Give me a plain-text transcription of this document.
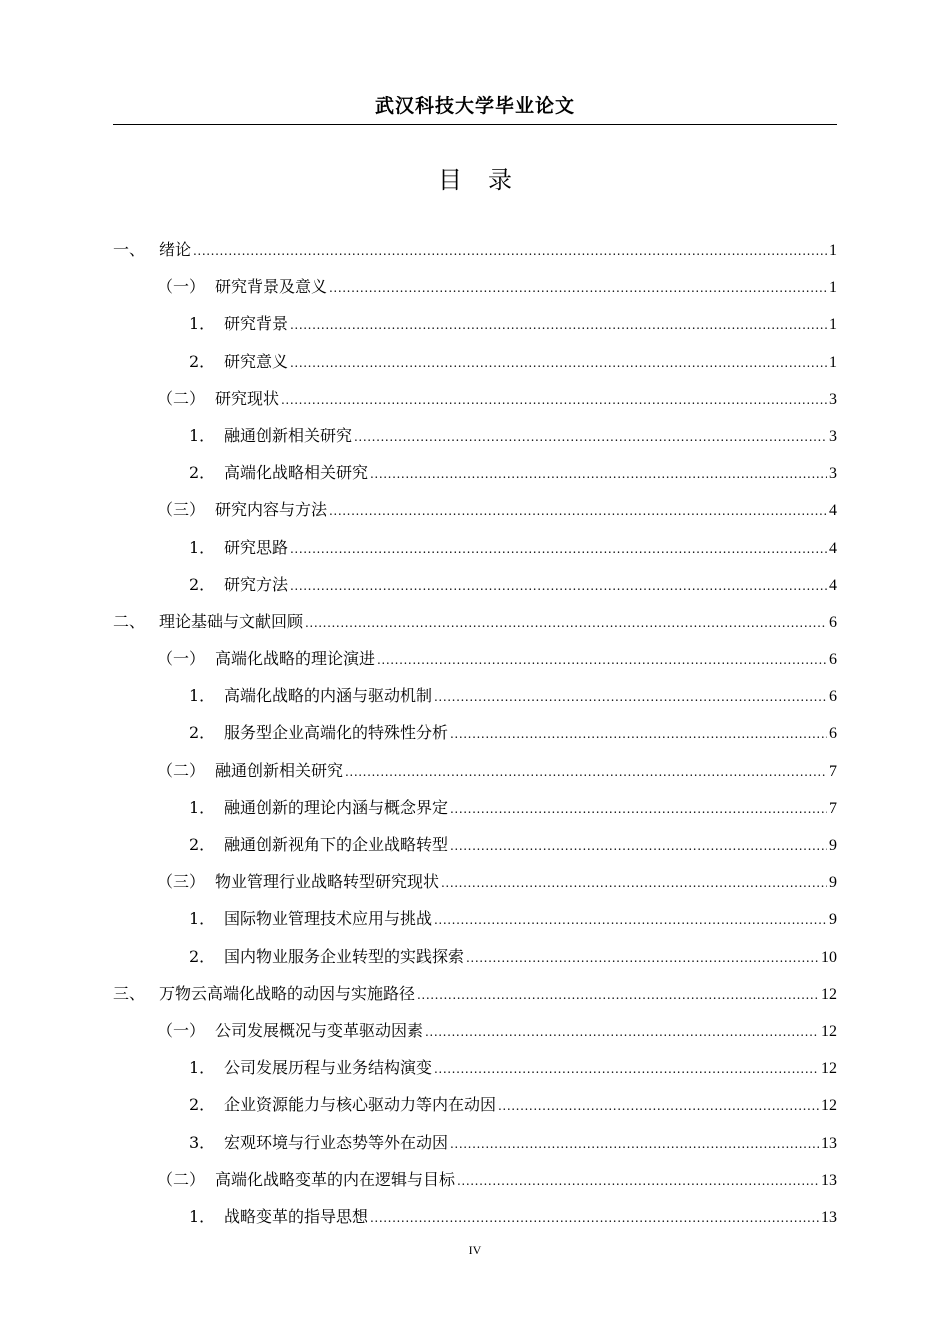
武汉科技大学毕业论文
目录
一、 绪论 .....	1
（一） 研究背景及意义 .....	1
1． 研究背景 .....	1
2． 研究意义 .....	1
（二） 研究现状 .....	3
1． 融通创新相关研究 .....	3
2． 高端化战略相关研究 .....	3
（三） 研究内容与方法 .....	4
1． 研究思路 .....	4
2． 研究方法 .....	4
二、 理论基础与文献回顾 .....	6
（一） 高端化战略的理论演进 .....	6
1． 高端化战略的内涵与驱动机制 .....	6
2． 服务型企业高端化的特殊性分析 .....	6
（二） 融通创新相关研究 .....	7
1． 融通创新的理论内涵与概念界定 .....	7
2． 融通创新视角下的企业战略转型 .....	9
（三） 物业管理行业战略转型研究现状 .....	9
1． 国际物业管理技术应用与挑战 .....	9
2． 国内物业服务企业转型的实践探索 .....	10
三、 万物云高端化战略的动因与实施路径 .....	12
（一） 公司发展概况与变革驱动因素 .....	12
1． 公司发展历程与业务结构演变 .....	12
2． 企业资源能力与核心驱动力等内在动因 .....	12
3． 宏观环境与行业态势等外在动因 .....	13
（二） 高端化战略变革的内在逻辑与目标 .....	13
1． 战略变革的指导思想 .....	13
IV
